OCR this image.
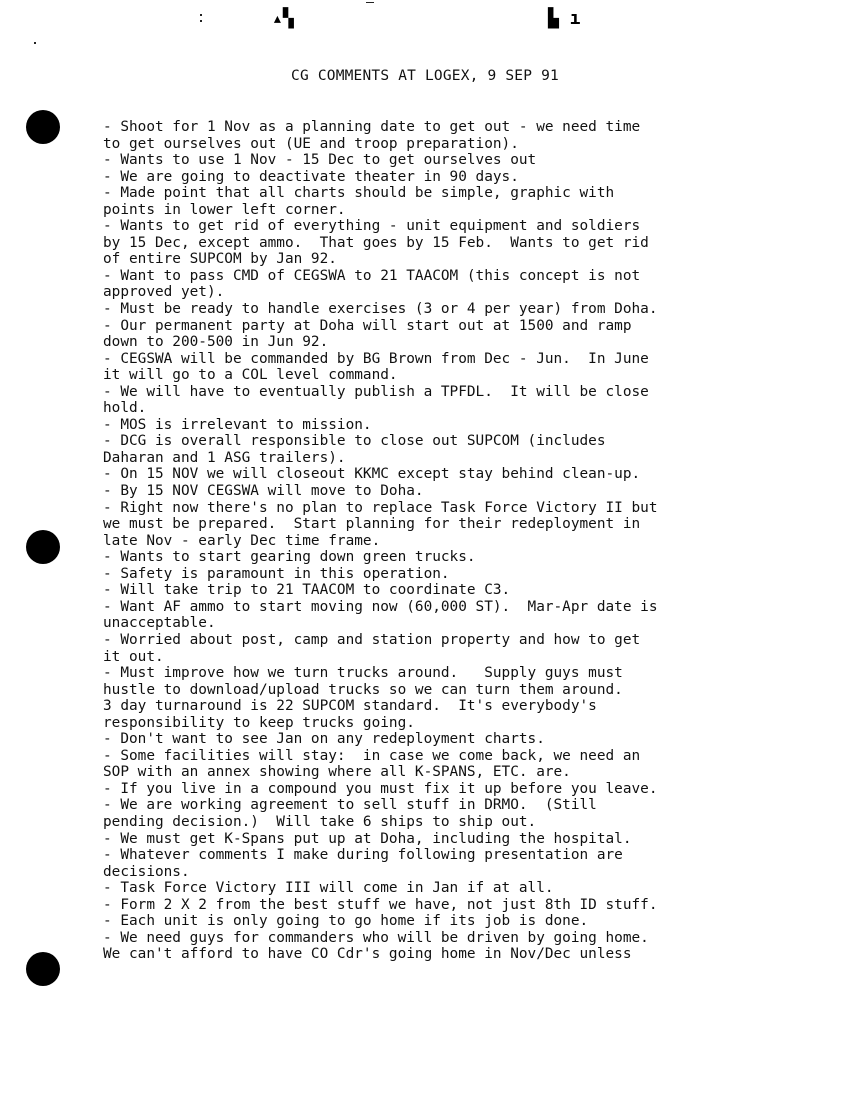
▴▚	▙ ı
CG COMMENTS AT LOGEX, 9 SEP 91
- Shoot for 1 Nov as a planning date to get out - we need time
to get ourselves out (UE and troop preparation).
- Wants to use 1 Nov - 15 Dec to get ourselves out
- We are going to deactivate theater in 90 days.
- Made point that all charts should be simple, graphic with
points in lower left corner.
- Wants to get rid of everything - unit equipment and soldiers
by 15 Dec, except ammo.  That goes by 15 Feb.  Wants to get rid
of entire SUPCOM by Jan 92.
- Want to pass CMD of CEGSWA to 21 TAACOM (this concept is not
approved yet).
- Must be ready to handle exercises (3 or 4 per year) from Doha.
- Our permanent party at Doha will start out at 1500 and ramp
down to 200-500 in Jun 92.
- CEGSWA will be commanded by BG Brown from Dec - Jun.  In June
it will go to a COL level command.
- We will have to eventually publish a TPFDL.  It will be close
hold.
- MOS is irrelevant to mission.
- DCG is overall responsible to close out SUPCOM (includes
Daharan and 1 ASG trailers).
- On 15 NOV we will closeout KKMC except stay behind clean-up.
- By 15 NOV CEGSWA will move to Doha.
- Right now there's no plan to replace Task Force Victory II but
we must be prepared.  Start planning for their redeployment in
late Nov - early Dec time frame.
- Wants to start gearing down green trucks.
- Safety is paramount in this operation.
- Will take trip to 21 TAACOM to coordinate C3.
- Want AF ammo to start moving now (60,000 ST).  Mar-Apr date is
unacceptable.
- Worried about post, camp and station property and how to get
it out.
- Must improve how we turn trucks around.   Supply guys must
hustle to download/upload trucks so we can turn them around.
3 day turnaround is 22 SUPCOM standard.  It's everybody's
responsibility to keep trucks going.
- Don't want to see Jan on any redeployment charts.
- Some facilities will stay:  in case we come back, we need an
SOP with an annex showing where all K-SPANS, ETC. are.
- If you live in a compound you must fix it up before you leave.
- We are working agreement to sell stuff in DRMO.  (Still
pending decision.)  Will take 6 ships to ship out.
- We must get K-Spans put up at Doha, including the hospital.
- Whatever comments I make during following presentation are
decisions.
- Task Force Victory III will come in Jan if at all.
- Form 2 X 2 from the best stuff we have, not just 8th ID stuff.
- Each unit is only going to go home if its job is done.
- We need guys for commanders who will be driven by going home.
We can't afford to have CO Cdr's going home in Nov/Dec unless
